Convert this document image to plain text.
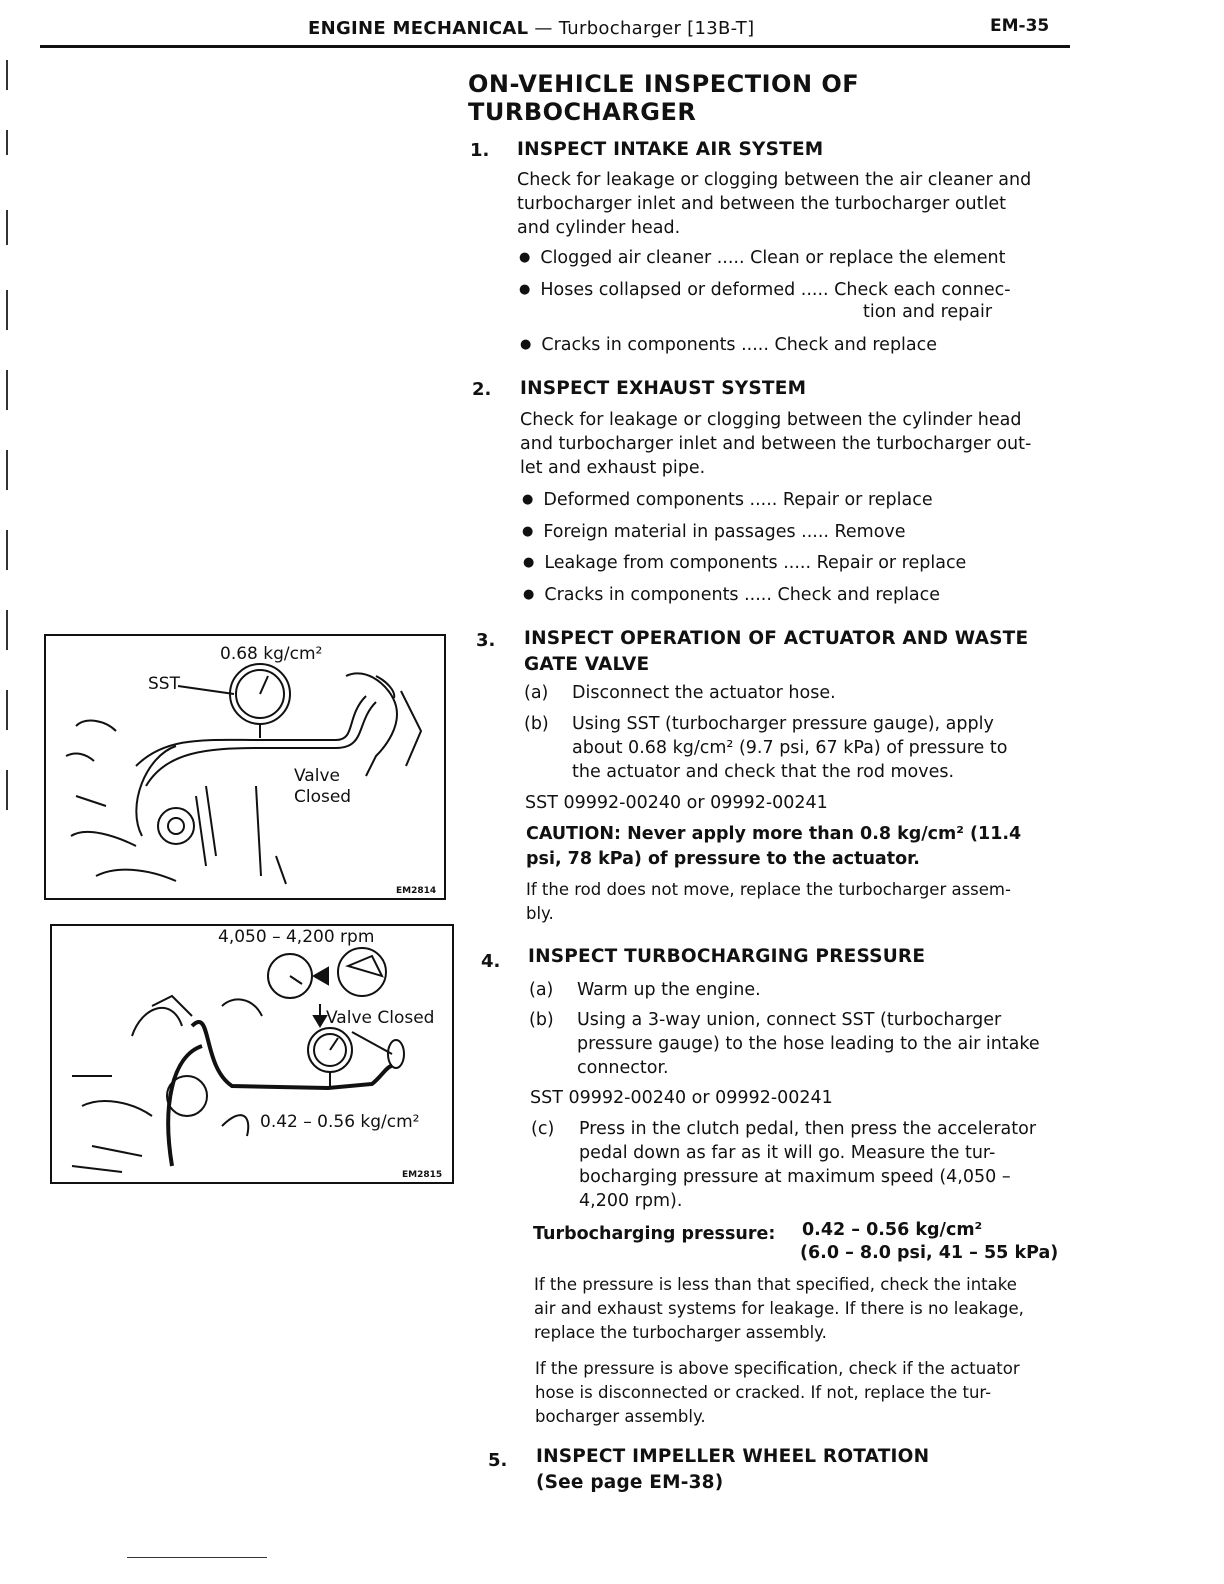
ENGINE MECHANICAL — Turbocharger [13B-T]	EM-35
ON-VEHICLE INSPECTION OF
TURBOCHARGER
1. INSPECT INTAKE AIR SYSTEM
Check for leakage or clogging between the air cleaner and
turbocharger inlet and between the turbocharger outlet
and cylinder head.
● Clogged air cleaner ..... Clean or replace the element
● Hoses collapsed or deformed ..... Check each connec-
tion and repair
● Cracks in components ..... Check and replace
2. INSPECT EXHAUST SYSTEM
Check for leakage or clogging between the cylinder head
and turbocharger inlet and between the turbocharger out-
let and exhaust pipe.
● Deformed components ..... Repair or replace
● Foreign material in passages ..... Remove
● Leakage from components ..... Repair or replace
● Cracks in components ..... Check and replace
3. INSPECT OPERATION OF ACTUATOR AND WASTE
GATE VALVE
(a) Disconnect the actuator hose.
(b) Using SST (turbocharger pressure gauge), apply
about 0.68 kg/cm² (9.7 psi, 67 kPa) of pressure to
the actuator and check that the rod moves.
SST 09992-00240 or 09992-00241
CAUTION: Never apply more than 0.8 kg/cm² (11.4
psi, 78 kPa) of pressure to the actuator.
If the rod does not move, replace the turbocharger assem-
bly.
4. INSPECT TURBOCHARGING PRESSURE
(a) Warm up the engine.
(b) Using a 3-way union, connect SST (turbocharger
pressure gauge) to the hose leading to the air intake
connector.
SST 09992-00240 or 09992-00241
(c) Press in the clutch pedal, then press the accelerator
pedal down as far as it will go. Measure the tur-
bocharging pressure at maximum speed (4,050 –
4,200 rpm).
Turbocharging pressure: 0.42 – 0.56 kg/cm²
(6.0 – 8.0 psi, 41 – 55 kPa)
If the pressure is less than that specified, check the intake
air and exhaust systems for leakage. If there is no leakage,
replace the turbocharger assembly.
If the pressure is above specification, check if the actuator
hose is disconnected or cracked. If not, replace the tur-
bocharger assembly.
5. INSPECT IMPELLER WHEEL ROTATION
(See page EM-38)
0.68 kg/cm²
SST
Valve
Closed
EM2814
4,050 – 4,200 rpm
Valve Closed
0.42 – 0.56 kg/cm²
EM2815
